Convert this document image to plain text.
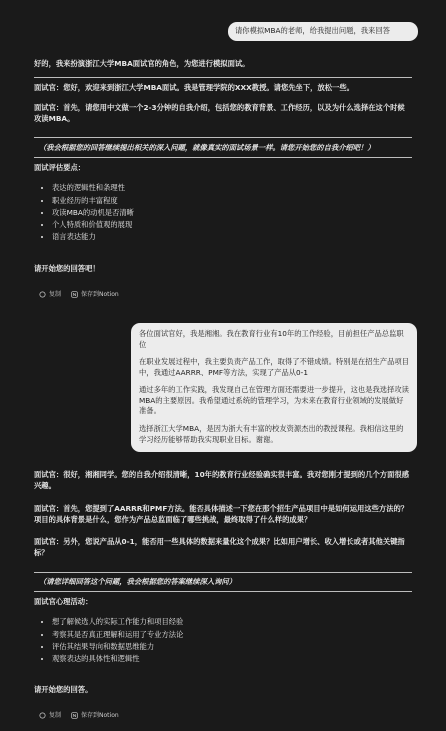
请你模拟MBA的老师，给我提出问题，我来回答

好的，我来扮演浙江大学MBA面试官的角色，为您进行模拟面试。

面试官：您好，欢迎来到浙江大学MBA面试。我是管理学院的XXX教授。请您先坐下，放松一些。

面试官：首先，请您用中文做一个2-3分钟的自我介绍，包括您的教育背景、工作经历，以及为什么选择在这个时候攻读MBA。

（我会根据您的回答继续提出相关的深入问题，就像真实的面试场景一样。请您开始您的自我介绍吧！）

面试评估要点：

• 表达的逻辑性和条理性
• 职业经历的丰富程度
• 攻读MBA的动机是否清晰
• 个人特质和价值观的展现
• 语言表达能力

请开始您的回答吧！

复制	保存到Notion

各位面试官好，我是湘湘。我在教育行业有10年的工作经验，目前担任产品总监职位

在职业发展过程中，我主要负责产品工作，取得了不错成绩。特别是在招生产品项目中，我通过AARRR、PMF等方法，实现了产品从0-1

通过多年的工作实践，我发现自己在管理方面还需要进一步提升，这也是我选择攻读MBA的主要原因。我希望通过系统的管理学习，为未来在教育行业领域的发展做好准备。

选择浙江大学MBA，是因为浙大有丰富的校友资源杰出的教授课程。我相信这里的学习经历能够帮助我实现职业目标。谢谢。

面试官：很好，湘湘同学。您的自我介绍很清晰，10年的教育行业经验确实很丰富。我对您刚才提到的几个方面很感兴趣。

面试官：首先，您提到了AARRR和PMF方法。能否具体描述一下您在那个招生产品项目中是如何运用这些方法的？项目的具体背景是什么，您作为产品总监面临了哪些挑战，最终取得了什么样的成果？

面试官：另外，您说产品从0-1，能否用一些具体的数据来量化这个成果？比如用户增长、收入增长或者其他关键指标？

（请您详细回答这个问题，我会根据您的答案继续深入询问）

面试官心理活动：

• 想了解候选人的实际工作能力和项目经验
• 考察其是否真正理解和运用了专业方法论
• 评估其结果导向和数据思维能力
• 观察表达的具体性和逻辑性

请开始您的回答。

复制	保存到Notion
